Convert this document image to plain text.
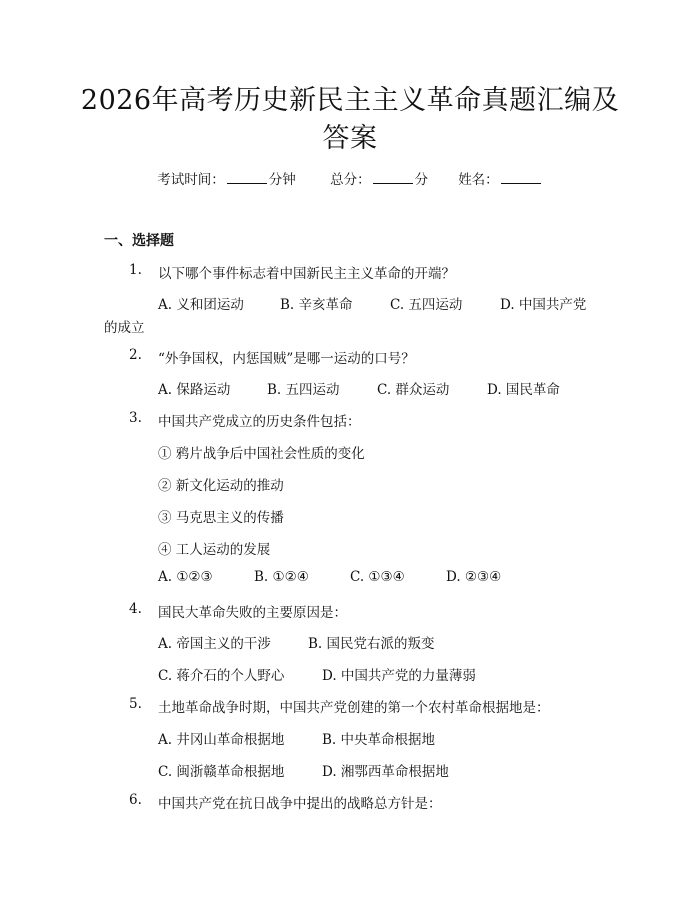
2026年高考历史新民主主义革命真题汇编及
答案
考试时间：	分钟	总分：	分 姓名：
一、选择题
1. 以下哪个事件标志着中国新民主主义革命的开端？
A. 义和团运动	B. 辛亥革命	C. 五四运动	D. 中国共产党
的成立
2. “外争国权，内惩国贼”是哪一运动的口号？
A. 保路运动	B. 五四运动	C. 群众运动	D. 国民革命
3. 中国共产党成立的历史条件包括：
① 鸦片战争后中国社会性质的变化
② 新文化运动的推动
③ 马克思主义的传播
④ 工人运动的发展
A. ①②③	B. ①②④	C. ①③④	D. ②③④
4. 国民大革命失败的主要原因是：
A. 帝国主义的干涉	B. 国民党右派的叛变
C. 蒋介石的个人野心	D. 中国共产党的力量薄弱
5. 土地革命战争时期，中国共产党创建的第一个农村革命根据地是：
A. 井冈山革命根据地	B. 中央革命根据地
C. 闽浙赣革命根据地	D. 湘鄂西革命根据地
6. 中国共产党在抗日战争中提出的战略总方针是：
